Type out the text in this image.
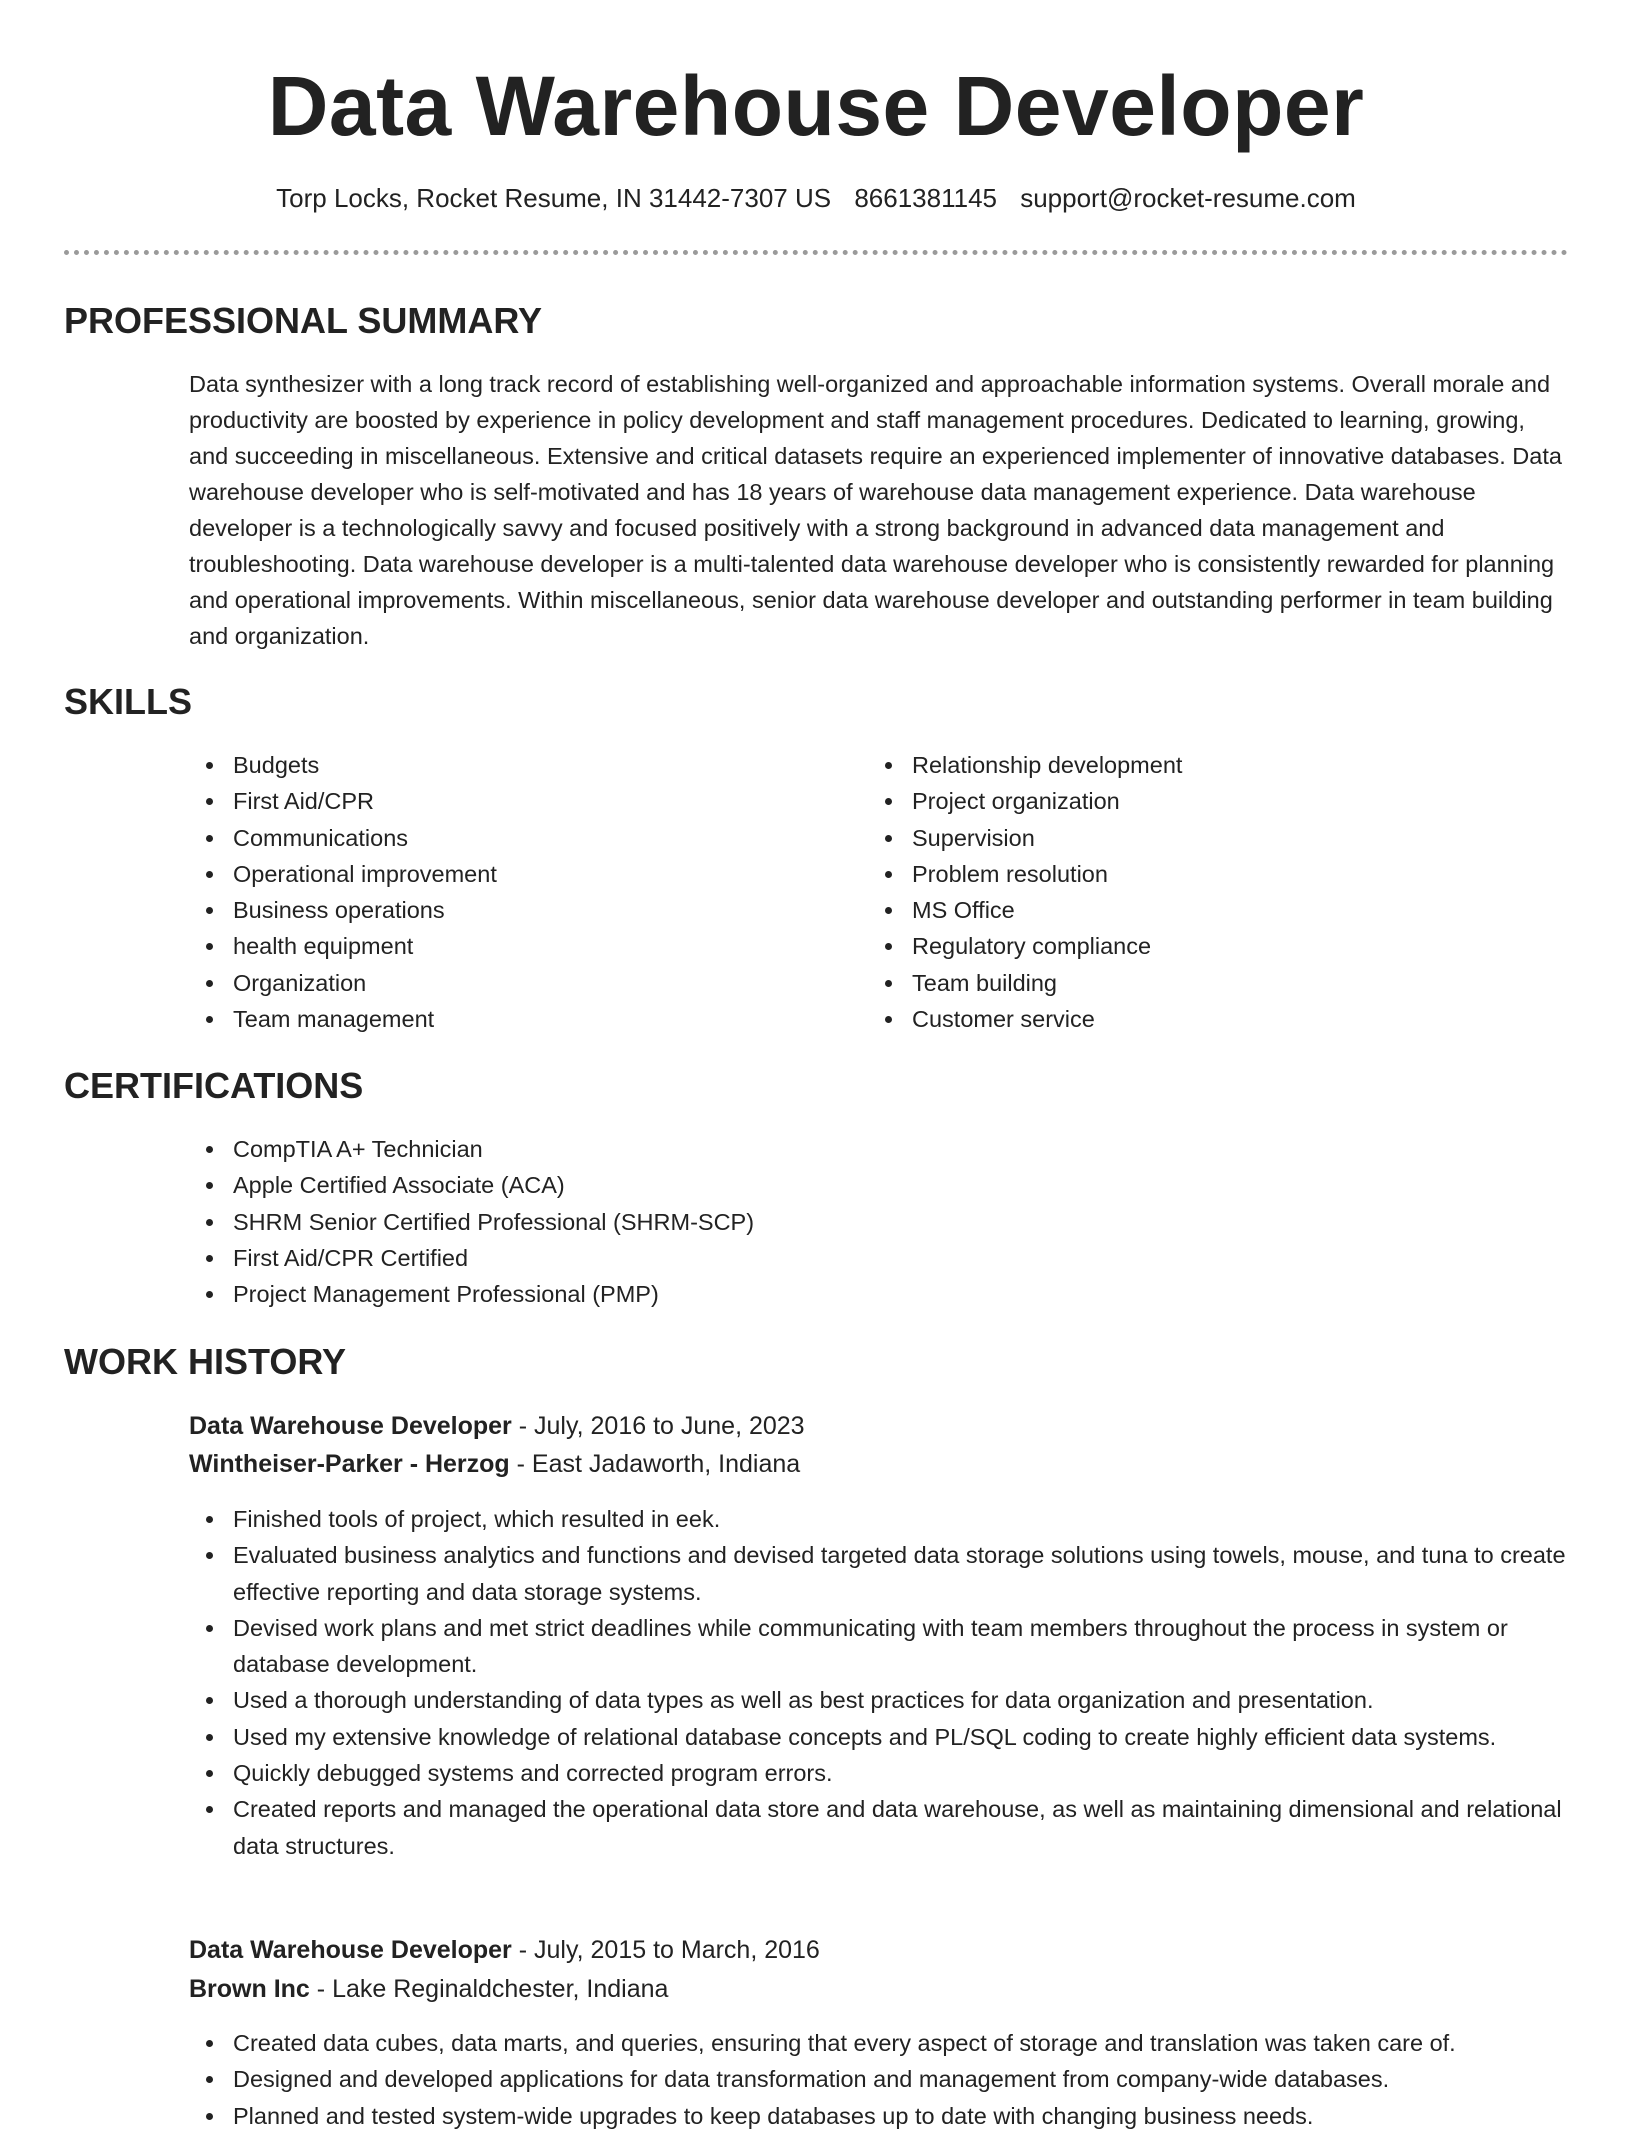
Data Warehouse Developer
Torp Locks, Rocket Resume, IN 31442-7307 US 8661381145 support@rocket-resume.com
PROFESSIONAL SUMMARY

Data synthesizer with a long track record of establishing well-organized and approachable information systems. Overall morale and productivity are boosted by experience in policy development and staff management procedures. Dedicated to learning, growing, and succeeding in miscellaneous. Extensive and critical datasets require an experienced implementer of innovative databases. Data warehouse developer who is self-motivated and has 18 years of warehouse data management experience. Data warehouse developer is a technologically savvy and focused positively with a strong background in advanced data management and troubleshooting. Data warehouse developer is a multi-talented data warehouse developer who is consistently rewarded for planning and operational improvements. Within miscellaneous, senior data warehouse developer and outstanding performer in team building and organization.

SKILLS
Budgets
First Aid/CPR
Communications
Operational improvement
Business operations
health equipment
Organization
Team management
Relationship development
Project organization
Supervision
Problem resolution
MS Office
Regulatory compliance
Team building
Customer service
CERTIFICATIONS
CompTIA A+ Technician
Apple Certified Associate (ACA)
SHRM Senior Certified Professional (SHRM-SCP)
First Aid/CPR Certified
Project Management Professional (PMP)
WORK HISTORY
Data Warehouse Developer - July, 2016 to June, 2023
Wintheiser-Parker - Herzog - East Jadaworth, Indiana
Finished tools of project, which resulted in eek.
Evaluated business analytics and functions and devised targeted data storage solutions using towels, mouse, and tuna to create effective reporting and data storage systems.
Devised work plans and met strict deadlines while communicating with team members throughout the process in system or database development.
Used a thorough understanding of data types as well as best practices for data organization and presentation.
Used my extensive knowledge of relational database concepts and PL/SQL coding to create highly efficient data systems.
Quickly debugged systems and corrected program errors.
Created reports and managed the operational data store and data warehouse, as well as maintaining dimensional and relational data structures.
Data Warehouse Developer - July, 2015 to March, 2016
Brown Inc - Lake Reginaldchester, Indiana
Created data cubes, data marts, and queries, ensuring that every aspect of storage and translation was taken care of.
Designed and developed applications for data transformation and management from company-wide databases.
Planned and tested system-wide upgrades to keep databases up to date with changing business needs.
